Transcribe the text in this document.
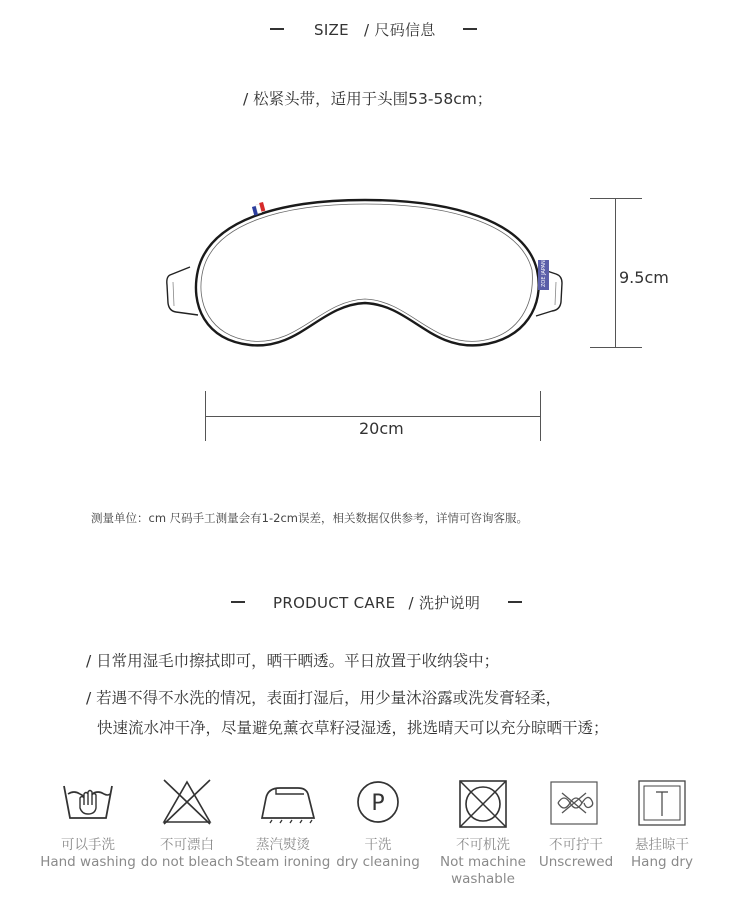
SIZE / 尺码信息
/ 松紧头带，适用于头围53-58cm；
ZOE JAPAN	9.5cm
20cm
测量单位：cm 尺码手工测量会有1-2cm误差，相关数据仅供参考，详情可咨询客服。
PRODUCT CARE / 洗护说明
/ 日常用湿毛巾擦拭即可，晒干晒透。平日放置于收纳袋中；
/ 若遇不得不水洗的情况，表面打湿后，用少量沐浴露或洗发膏轻柔，
快速流水冲干净，尽量避免薰衣草籽浸湿透，挑选晴天可以充分晾晒干透；
P
可以手洗
Hand washing
不可漂白
do not bleach
蒸汽熨烫
Steam ironing
干洗
dry cleaning
不可机洗
Not machine
washable
不可拧干
Unscrewed
悬挂晾干
Hang dry
